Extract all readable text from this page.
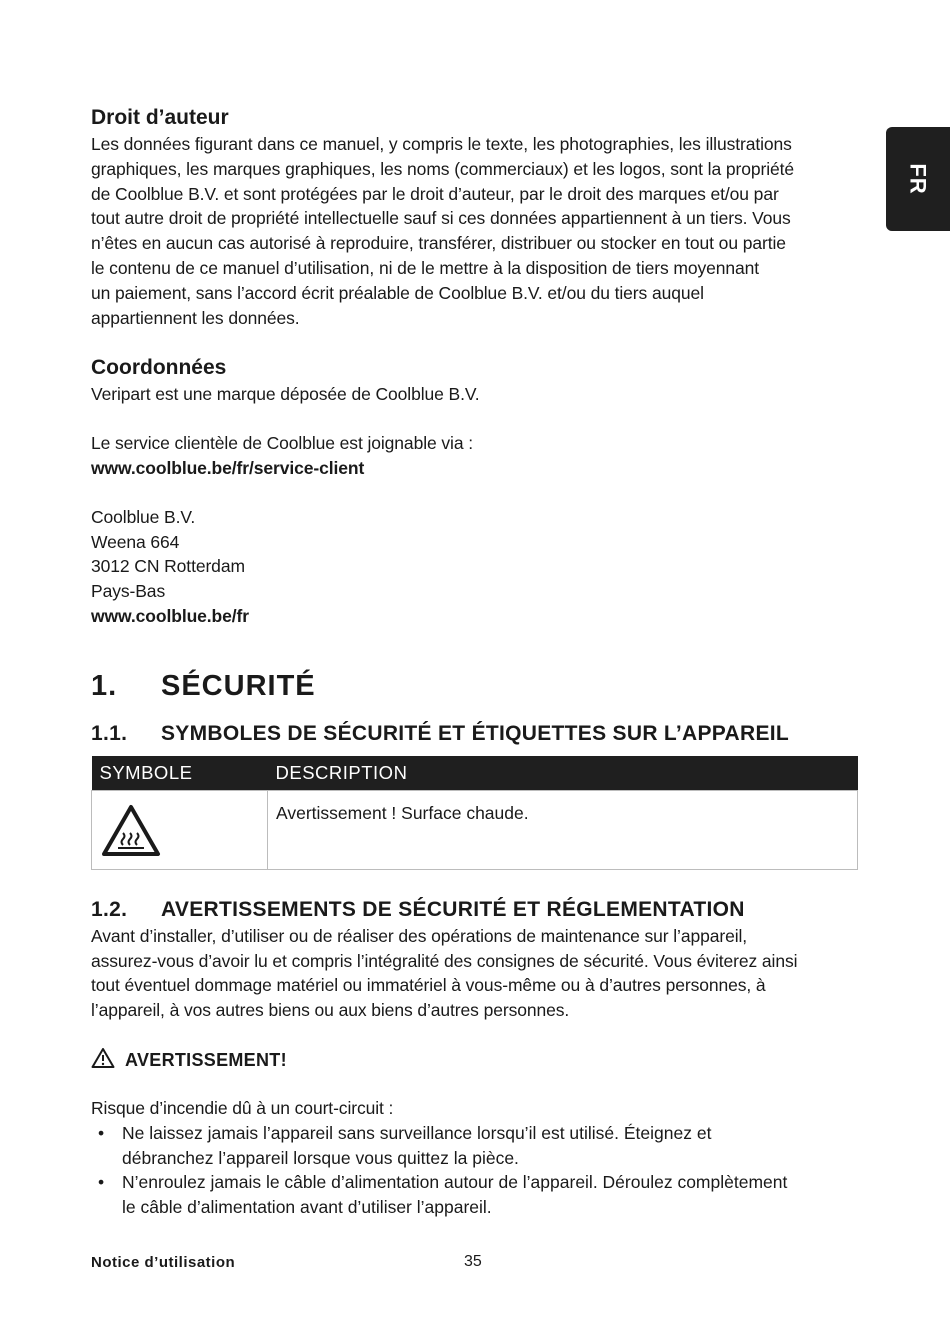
FR
Droit d’auteur

Les données figurant dans ce manuel, y compris le texte, les photographies, les illustrations

graphiques, les marques graphiques, les noms (commerciaux) et les logos, sont la propriété

de Coolblue B.V. et sont protégées par le droit d’auteur, par le droit des marques et/ou par

tout autre droit de propriété intellectuelle sauf si ces données appartiennent à un tiers. Vous

n’êtes en aucun cas autorisé à reproduire, transférer, distribuer ou stocker en tout ou partie

le contenu de ce manuel d’utilisation, ni de le mettre à la disposition de tiers moyennant

un paiement, sans l’accord écrit préalable de Coolblue B.V. et/ou du tiers auquel

appartiennent les données.

Coordonnées

Veripart est une marque déposée de Coolblue B.V.

Le service clientèle de Coolblue est joignable via :

www.coolblue.be/fr/service-client

Coolblue B.V.

Weena 664

3012 CN Rotterdam

Pays-Bas

www.coolblue.be/fr

1.	SÉCURITÉ
1.1.	SYMBOLES DE SÉCURITÉ ET ÉTIQUETTES SUR L’APPAREIL
SYMBOLE	DESCRIPTION

Avertissement ! Surface chaude.
1.2.	AVERTISSEMENTS DE SÉCURITÉ ET RÉGLEMENTATION

Avant d’installer, d’utiliser ou de réaliser des opérations de maintenance sur l’appareil,

assurez-vous d’avoir lu et compris l’intégralité des consignes de sécurité. Vous éviterez ainsi

tout éventuel dommage matériel ou immatériel à vous-même ou à d’autres personnes, à

l’appareil, à vos autres biens ou aux biens d’autres personnes.

AVERTISSEMENT!

Risque d’incendie dû à un court-circuit :

• Ne laissez jamais l’appareil sans surveillance lorsqu’il est utilisé. Éteignez et
débranchez l’appareil lorsque vous quittez la pièce.
• N’enroulez jamais le câble d’alimentation autour de l’appareil. Déroulez complètement
le câble d’alimentation avant d’utiliser l’appareil.
Notice d’utilisation	35
